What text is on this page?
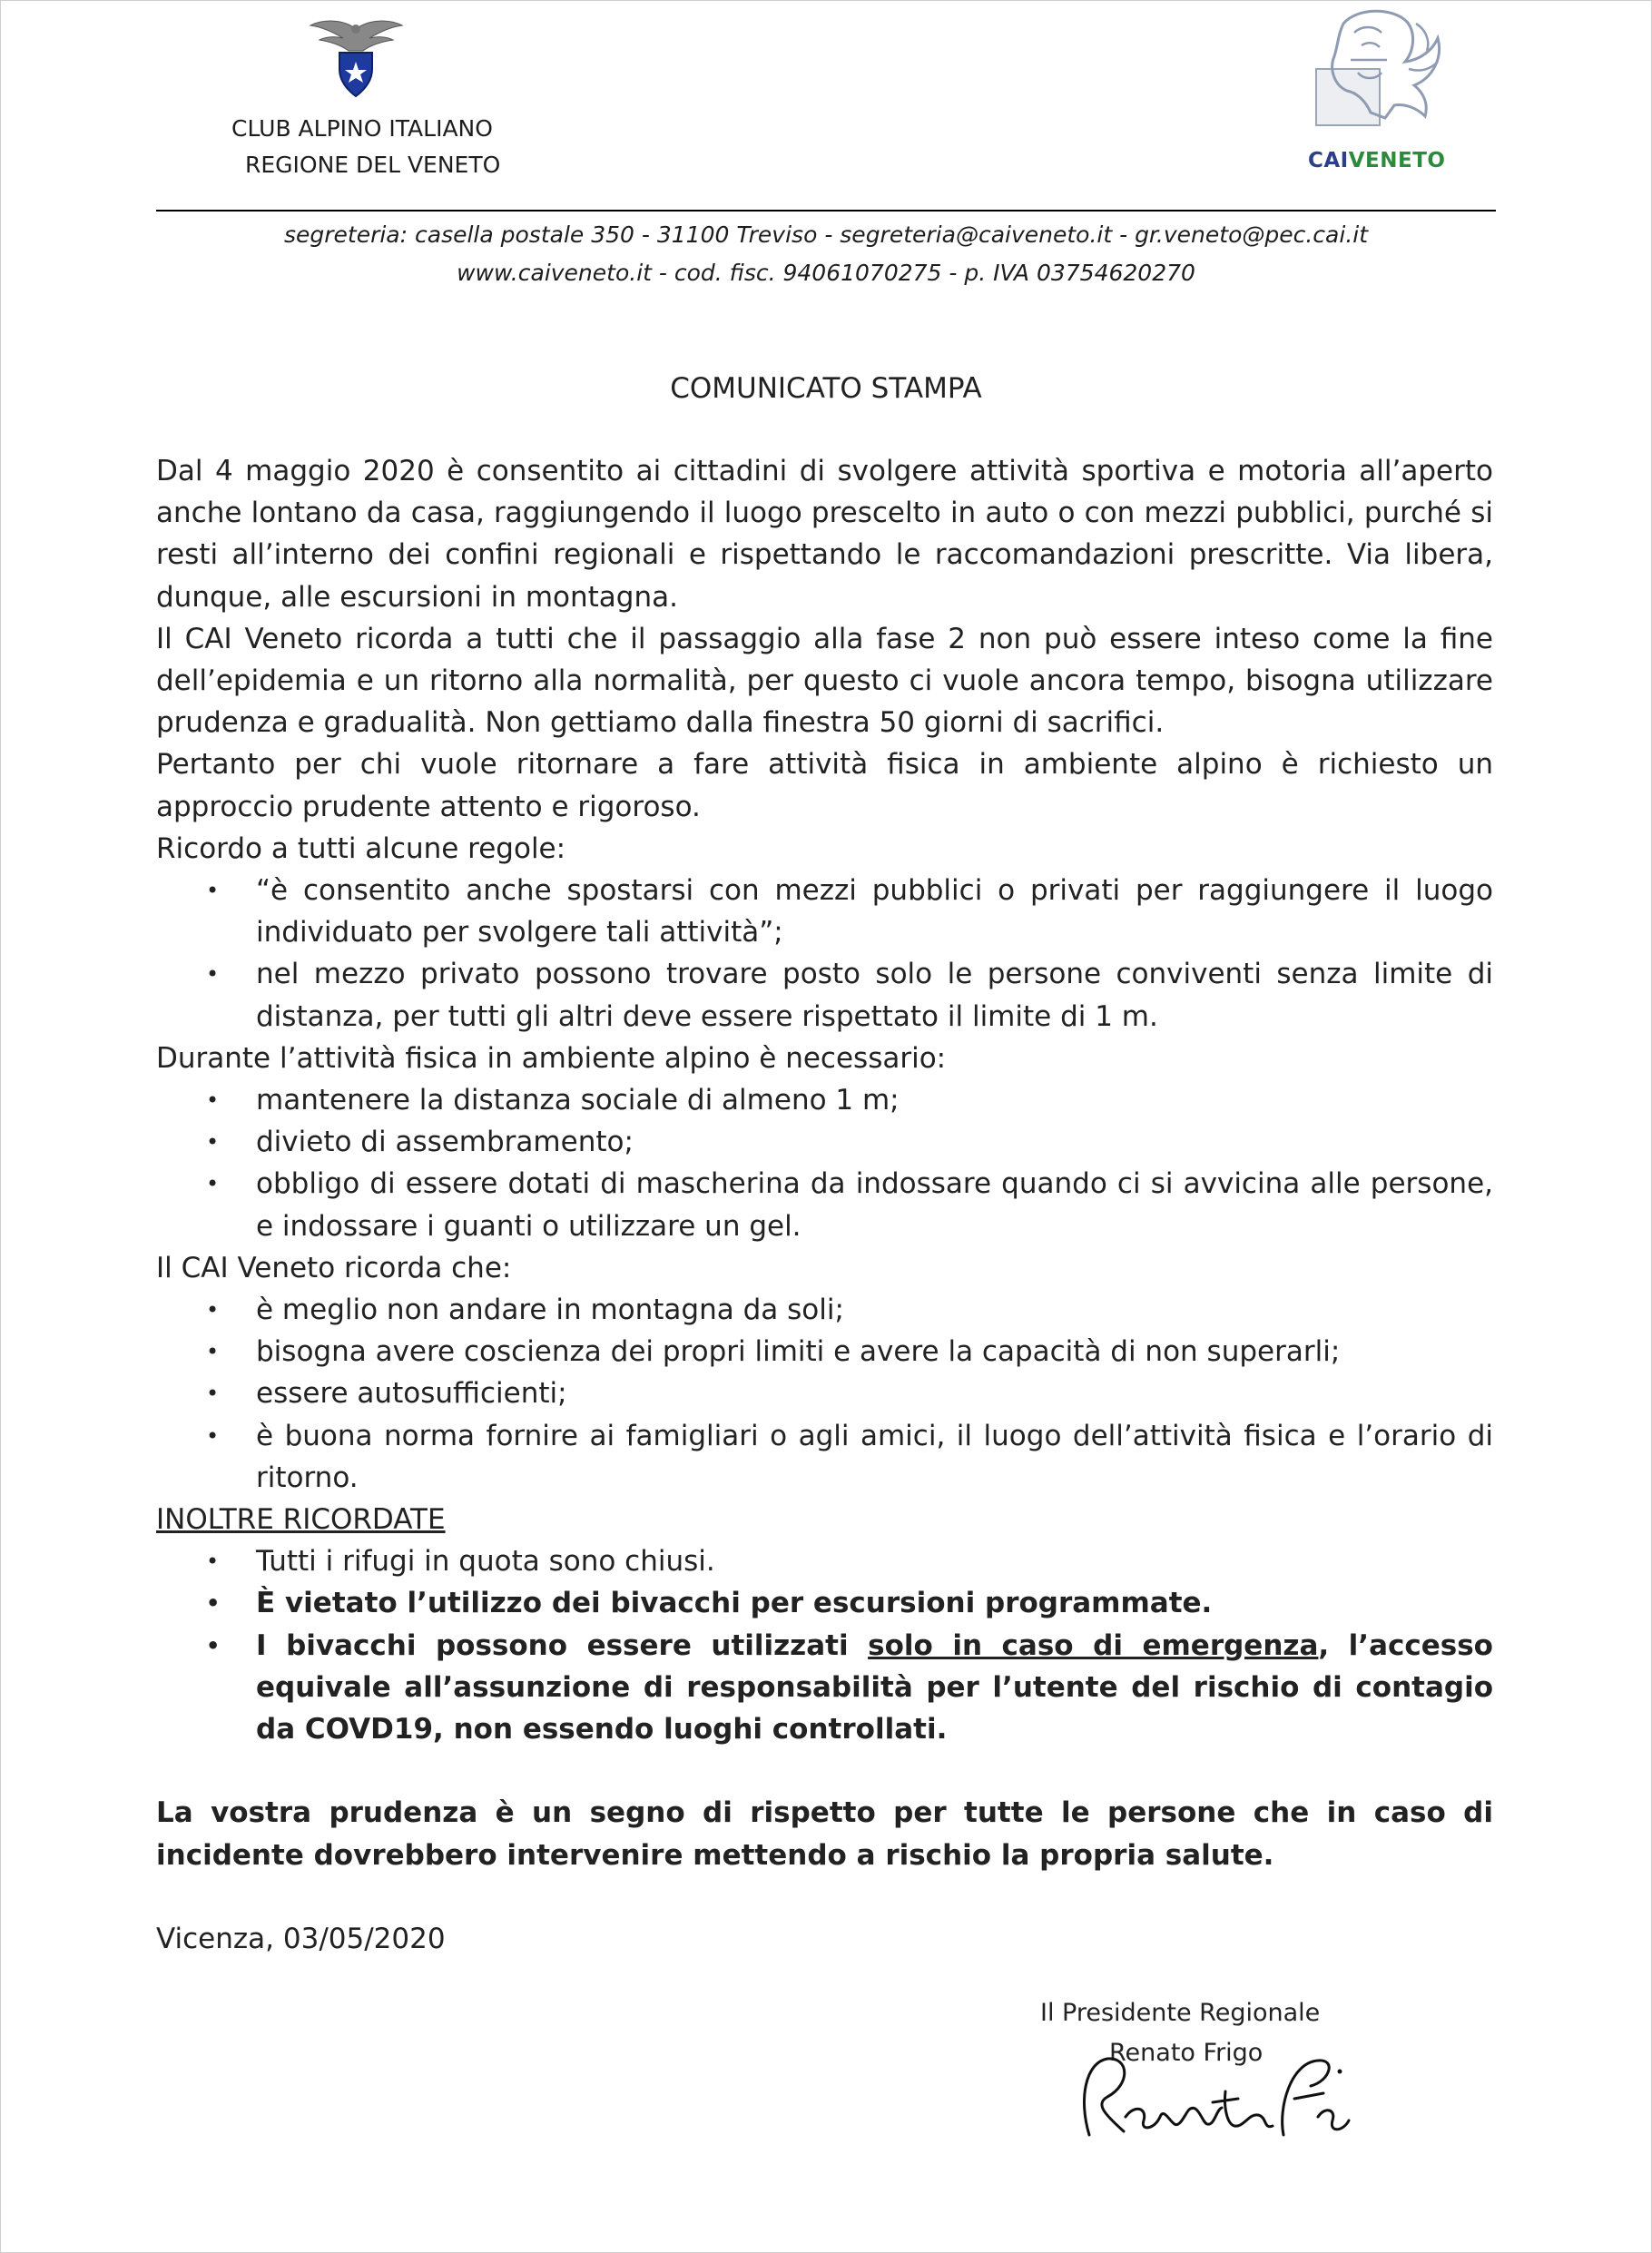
CLUB ALPINO ITALIANO
REGIONE DEL VENETO	CAIVENETO
segreteria: casella postale 350 - 31100 Treviso - segreteria@caiveneto.it - gr.veneto@pec.cai.it
www.caiveneto.it - cod. fisc. 94061070275 - p. IVA 03754620270
COMUNICATO STAMPA

Dal 4 maggio 2020 è consentito ai cittadini di svolgere attività sportiva e motoria all’aperto anche lontano da casa, raggiungendo il luogo prescelto in auto o con mezzi pubblici, purché si resti all’interno dei confini regionali e rispettando le raccomandazioni prescritte. Via libera, dunque, alle escursioni in montagna.

Il CAI Veneto ricorda a tutti che il passaggio alla fase 2 non può essere inteso come la fine dell’epidemia e un ritorno alla normalità, per questo ci vuole ancora tempo, bisogna utilizzare prudenza e gradualità. Non gettiamo dalla finestra 50 giorni di sacrifici.

Pertanto per chi vuole ritornare a fare attività fisica in ambiente alpino è richiesto un approccio prudente attento e rigoroso.

Ricordo a tutti alcune regole:

• “è consentito anche spostarsi con mezzi pubblici o privati per raggiungere il luogo individuato per svolgere tali attività”;
• nel mezzo privato possono trovare posto solo le persone conviventi senza limite di distanza, per tutti gli altri deve essere rispettato il limite di 1 m.

Durante l’attività fisica in ambiente alpino è necessario:

• mantenere la distanza sociale di almeno 1 m;
• divieto di assembramento;
• obbligo di essere dotati di mascherina da indossare quando ci si avvicina alle persone, e indossare i guanti o utilizzare un gel.

Il CAI Veneto ricorda che:

• è meglio non andare in montagna da soli;
• bisogna avere coscienza dei propri limiti e avere la capacità di non superarli;
• essere autosufficienti;
• è buona norma fornire ai famigliari o agli amici, il luogo dell’attività fisica e l’orario di ritorno.

INOLTRE RICORDATE

• Tutti i rifugi in quota sono chiusi.
• È vietato l’utilizzo dei bivacchi per escursioni programmate.
• I bivacchi possono essere utilizzati solo in caso di emergenza, l’accesso equivale all’assunzione di responsabilità per l’utente del rischio di contagio da COVD19, non essendo luoghi controllati.

La vostra prudenza è un segno di rispetto per tutte le persone che in caso di incidente dovrebbero intervenire mettendo a rischio la propria salute.

Vicenza, 03/05/2020

Il Presidente Regionale
Renato Frigo
